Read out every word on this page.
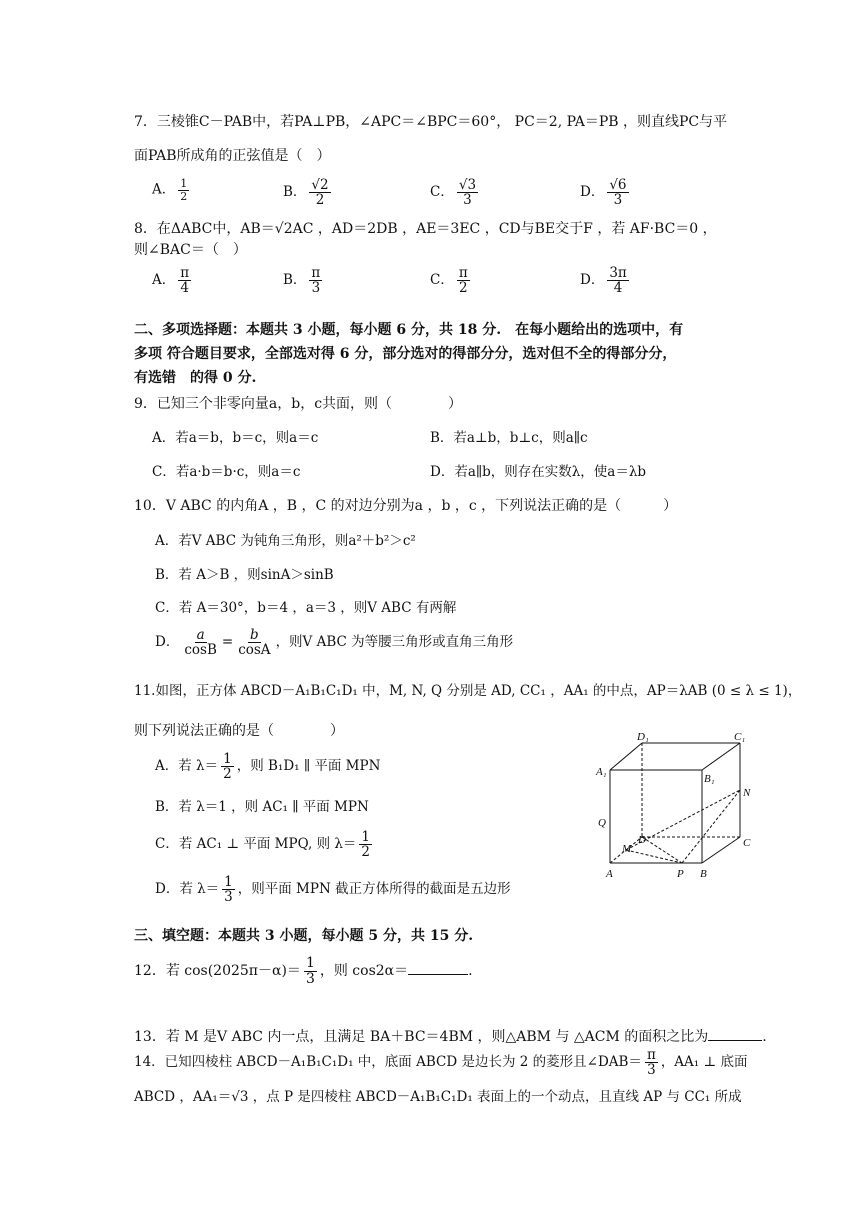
7．三棱锥C－PAB中，若PA⊥PB，∠APC＝∠BPC＝60°， PC＝2, PA＝PB ，则直线PC与平
面PAB所成角的正弦值是（　）
A． $\frac{1}{2}$	B． $\frac{√2}{2}$	C． $\frac{√3}{3}$	D． $\frac{√6}{3}$
8．在ΔABC中，AB＝√2AC ，AD＝2DB ，AE＝3EC ，CD与BE交于F ，若 AF·BC＝0 ，
则∠BAC＝（　）
A． $\frac{\pi}{4}$	B． $\frac{\pi}{3}$	C． $\frac{\pi}{2}$	D． $\frac{3\pi}{4}$
二、多项选择题：本题共 3 小题，每小题 6 分，共 18 分.　在每小题给出的选项中，有
多项 符合题目要求，全部选对得 6 分，部分选对的得部分分，选对但不全的得部分分，
有选错　的得 0 分.
9．已知三个非零向量a，b，c共面，则（　　　　）
A．若a＝b，b＝c，则a＝c	B．若a⊥b，b⊥c，则a∥c
C．若a·b＝b·c，则a＝c	D．若a∥b，则存在实数λ，使a＝λb
10．V ABC 的内角A ，B ，C 的对边分别为a ，b ，c ，下列说法正确的是（　　　）
A．若V ABC 为钝角三角形，则a²＋b²＞c²
B．若 A＞B ，则sinA＞sinB
C．若 A＝30°，b＝4 ，a＝3 ，则V ABC 有两解
D． $\frac{a}{\cos B} = \frac{b}{\cos A}$ ，则V ABC 为等腰三角形或直角三角形
11.如图，正方体 ABCD－A₁B₁C₁D₁ 中，M, N, Q 分别是 AD, CC₁ ，AA₁ 的中点，AP＝λAB (0 ≤ λ ≤ 1)，
则下列说法正确的是（　　　　）
A．若 $\lambda= \frac{1}{2}$ ，则 B₁D₁ ∥ 平面 MPN
B．若 λ＝1 ，则 AC₁ ∥ 平面 MPN
C．若 AC₁ ⊥ 平面 MPQ, 则 $\lambda= \frac{1}{2}$
D．若 $\lambda= \frac{1}{3}$ ，则平面 MPN 截正方体所得的截面是五边形
D₁	C₁
A₁
B₁
N
Q
D
M	C
A	P B
三、填空题：本题共 3 小题，每小题 5 分，共 15 分.
12．若 $\cos(2025\pi-\alpha)= \frac{1}{3}$ ，则 cos2α＝	.
13．若 M 是V ABC 内一点，且满足 BA＋BC＝4BM ，则△ABM 与 △ACM 的面积之比为	.
14．已知四棱柱 ABCD－A₁B₁C₁D₁ 中，底面 ABCD 是边长为 2 的菱形且∠DAB＝ $\frac{\pi}{3}$ ，AA₁ ⊥ 底面
ABCD ，AA₁＝√3 ，点 P 是四棱柱 ABCD－A₁B₁C₁D₁ 表面上的一个动点，且直线 AP 与 CC₁ 所成
